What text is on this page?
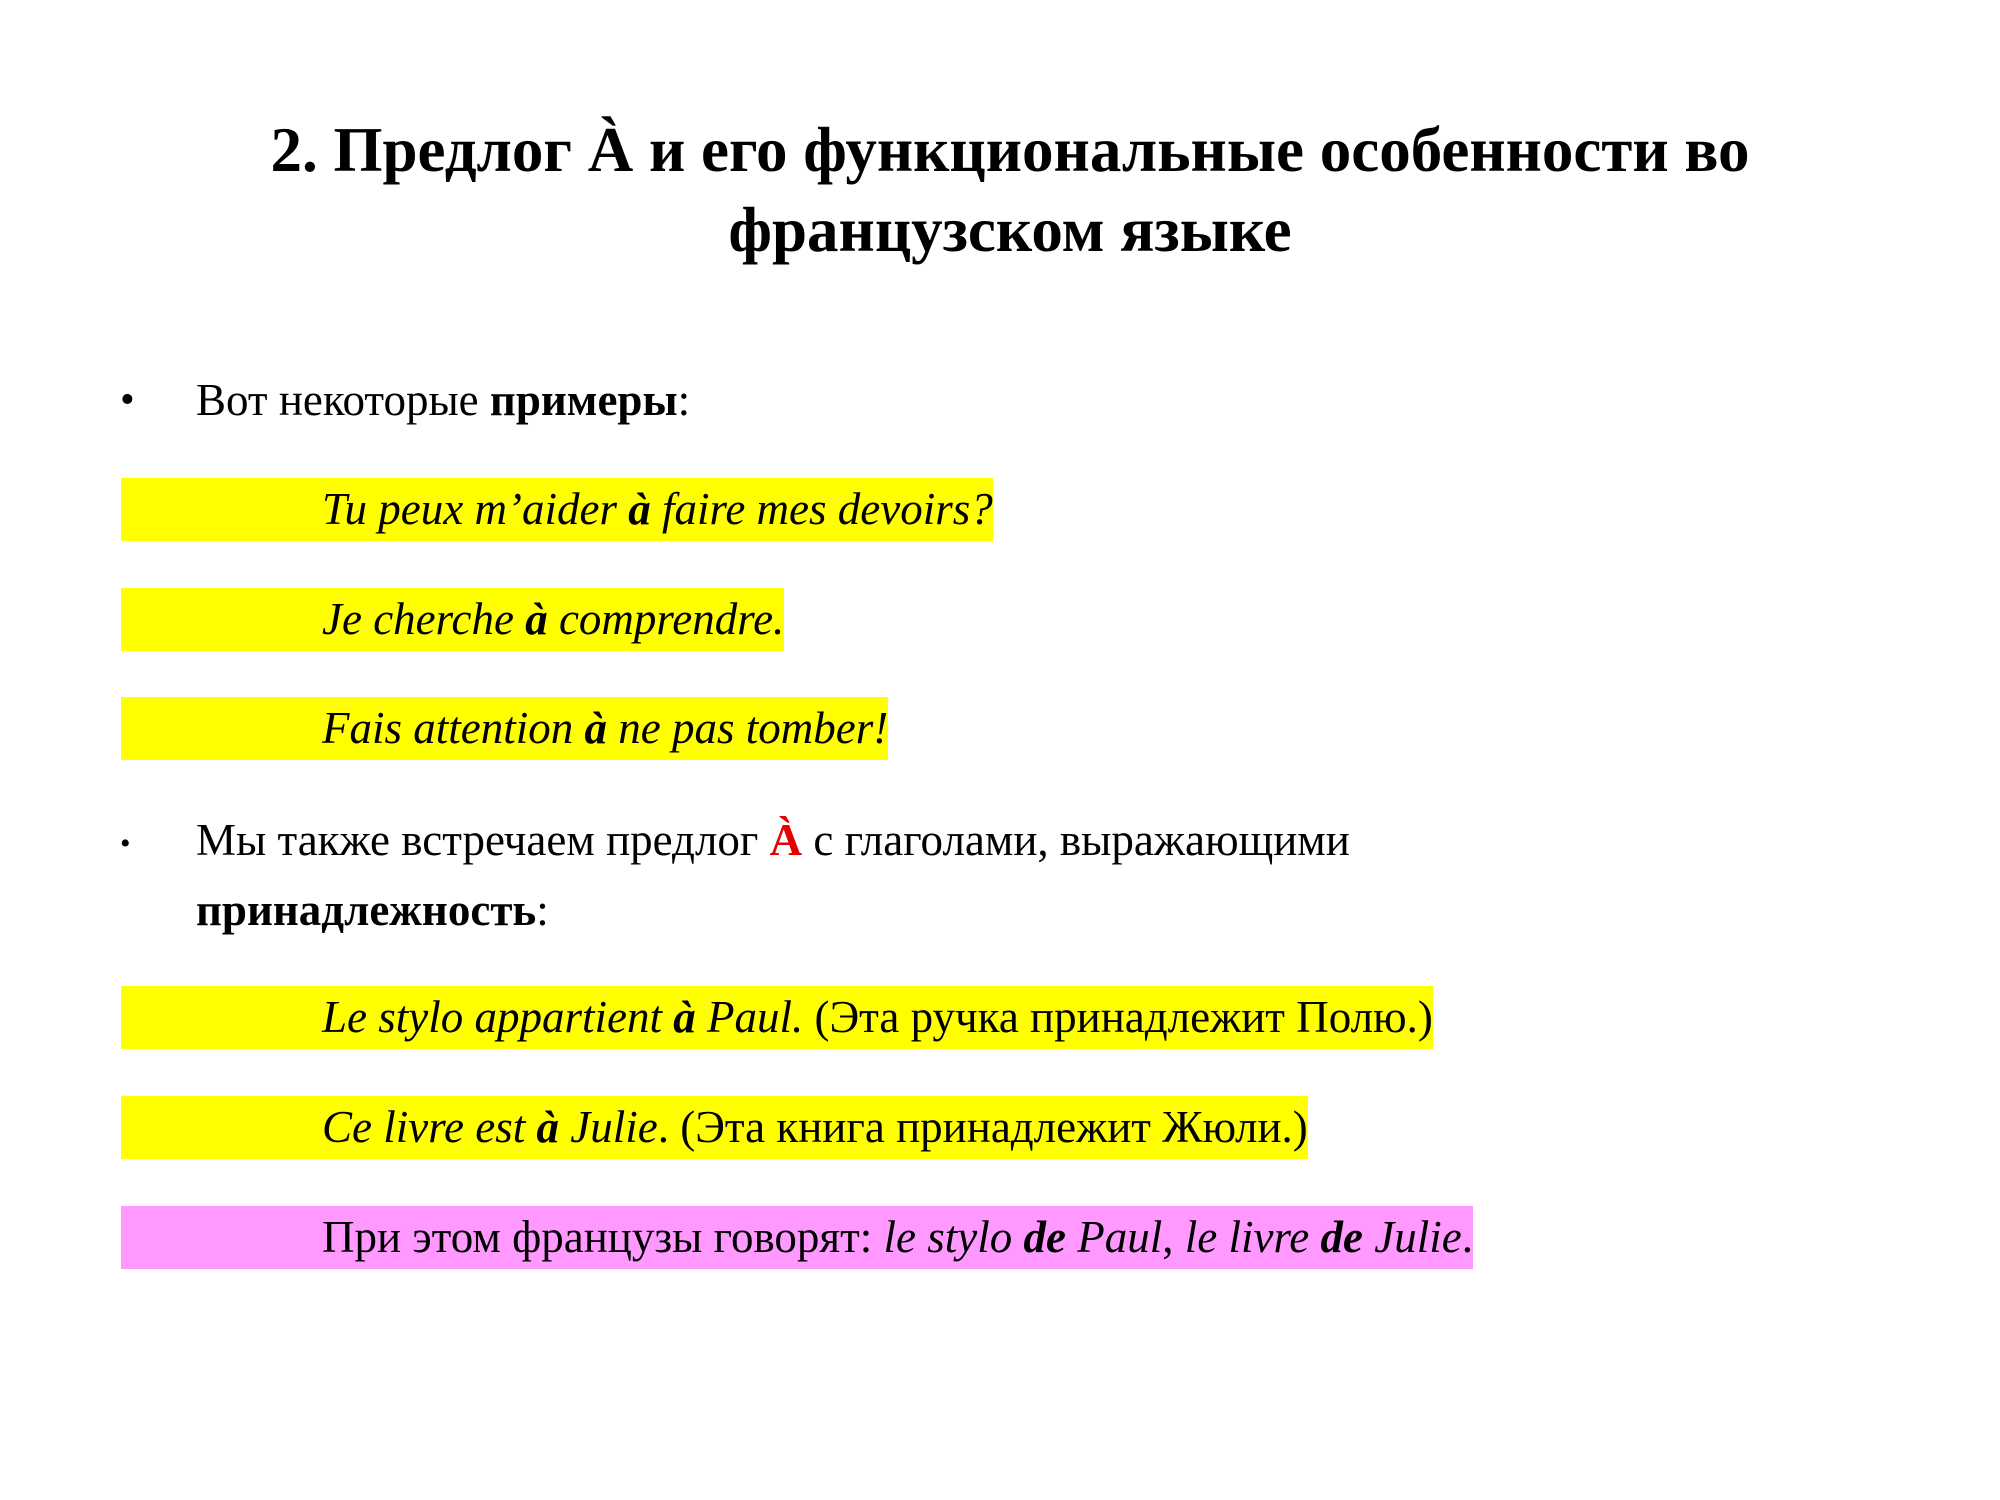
2. Предлог À и его функциональные особенности во
французском языке
• Вот некоторые примеры:
Tu peux m’aider à faire mes devoirs?
Je cherche à comprendre.
Fais attention à ne pas tomber!
• Мы также встречаем предлог À с глаголами, выражающими
принадлежность:
Le stylo appartient à Paul. (Эта ручка принадлежит Полю.)
Ce livre est à Julie. (Эта книга принадлежит Жюли.)
При этом французы говорят: le stylo de Paul, le livre de Julie.
